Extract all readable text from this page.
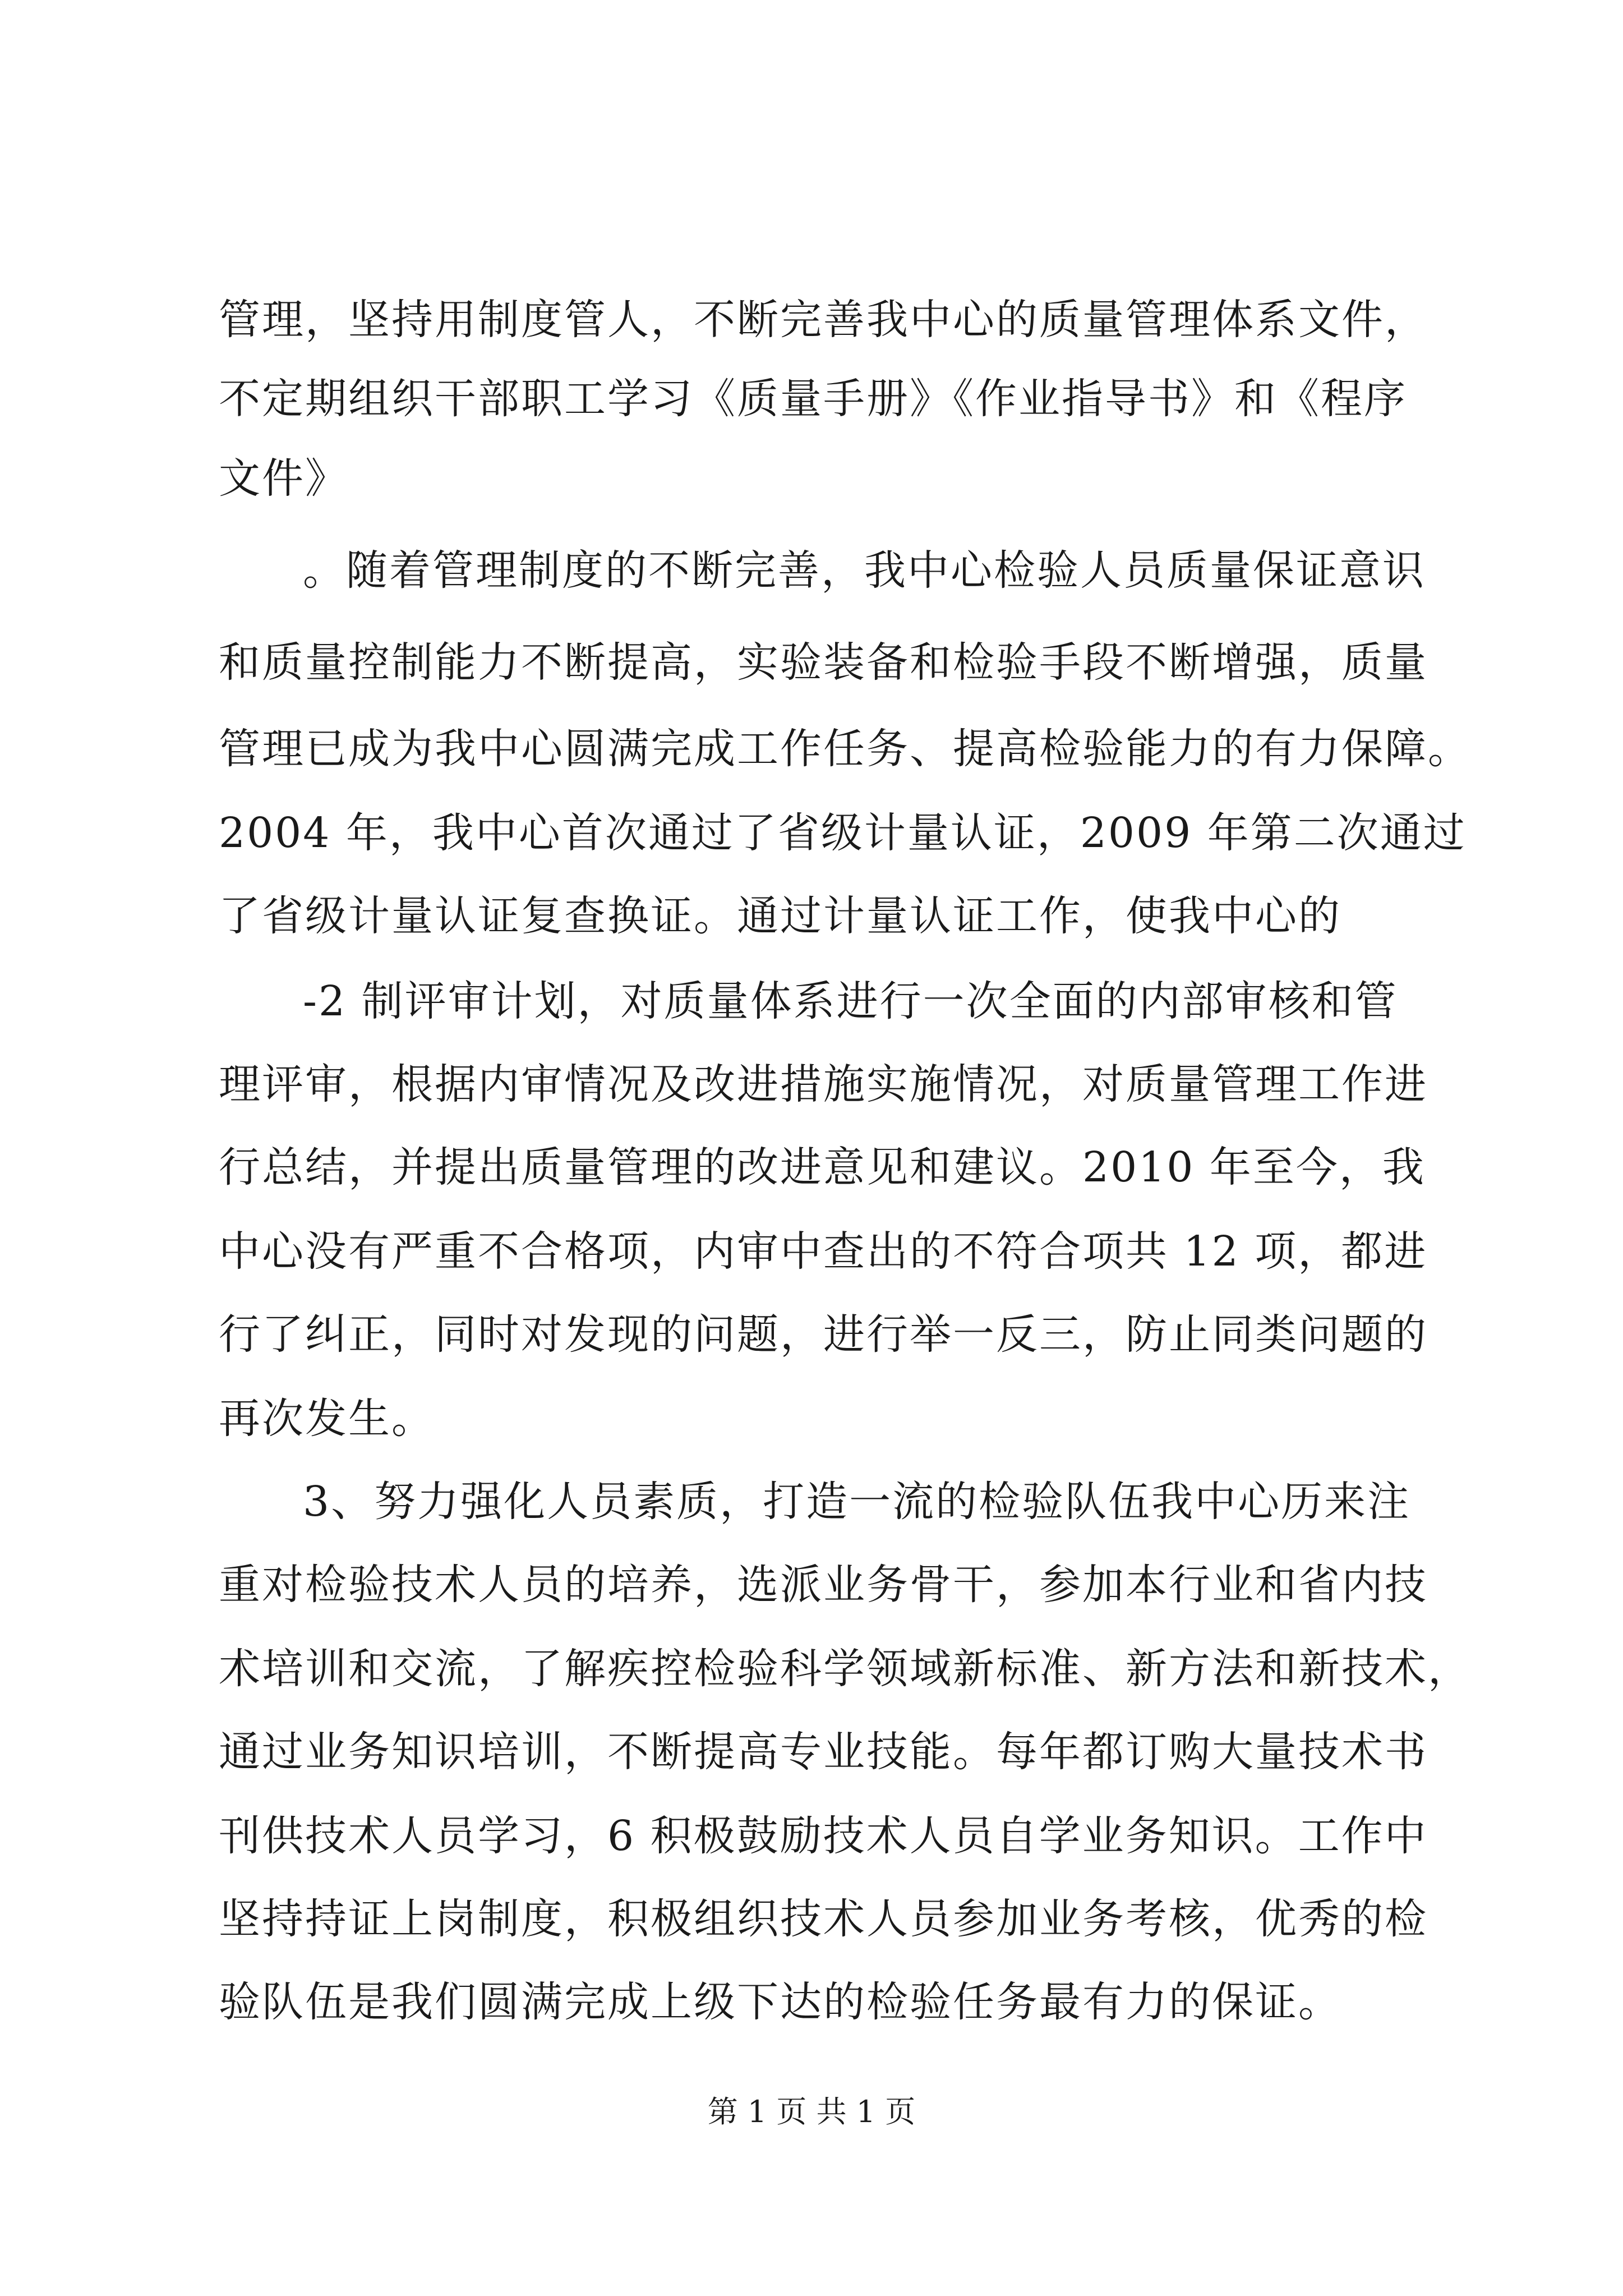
管理，坚持用制度管人，不断完善我中心的质量管理体系文件，
不定期组织干部职工学习《质量手册》《作业指导书》和《程序
文件》
。随着管理制度的不断完善，我中心检验人员质量保证意识
和质量控制能力不断提高，实验装备和检验手段不断增强，质量
管理已成为我中心圆满完成工作任务、提高检验能力的有力保障。
2004 年，我中心首次通过了省级计量认证，2009 年第二次通过
了省级计量认证复查换证。通过计量认证工作，使我中心的
-2 制评审计划，对质量体系进行一次全面的内部审核和管
理评审，根据内审情况及改进措施实施情况，对质量管理工作进
行总结，并提出质量管理的改进意见和建议。2010 年至今，我
中心没有严重不合格项，内审中查出的不符合项共 12 项，都进
行了纠正，同时对发现的问题，进行举一反三，防止同类问题的
再次发生。
3、努力强化人员素质，打造一流的检验队伍我中心历来注
重对检验技术人员的培养，选派业务骨干，参加本行业和省内技
术培训和交流，了解疾控检验科学领域新标准、新方法和新技术，
通过业务知识培训，不断提高专业技能。每年都订购大量技术书
刊供技术人员学习，6 积极鼓励技术人员自学业务知识。工作中
坚持持证上岗制度，积极组织技术人员参加业务考核，优秀的检
验队伍是我们圆满完成上级下达的检验任务最有力的保证。
第 1 页 共 1 页
